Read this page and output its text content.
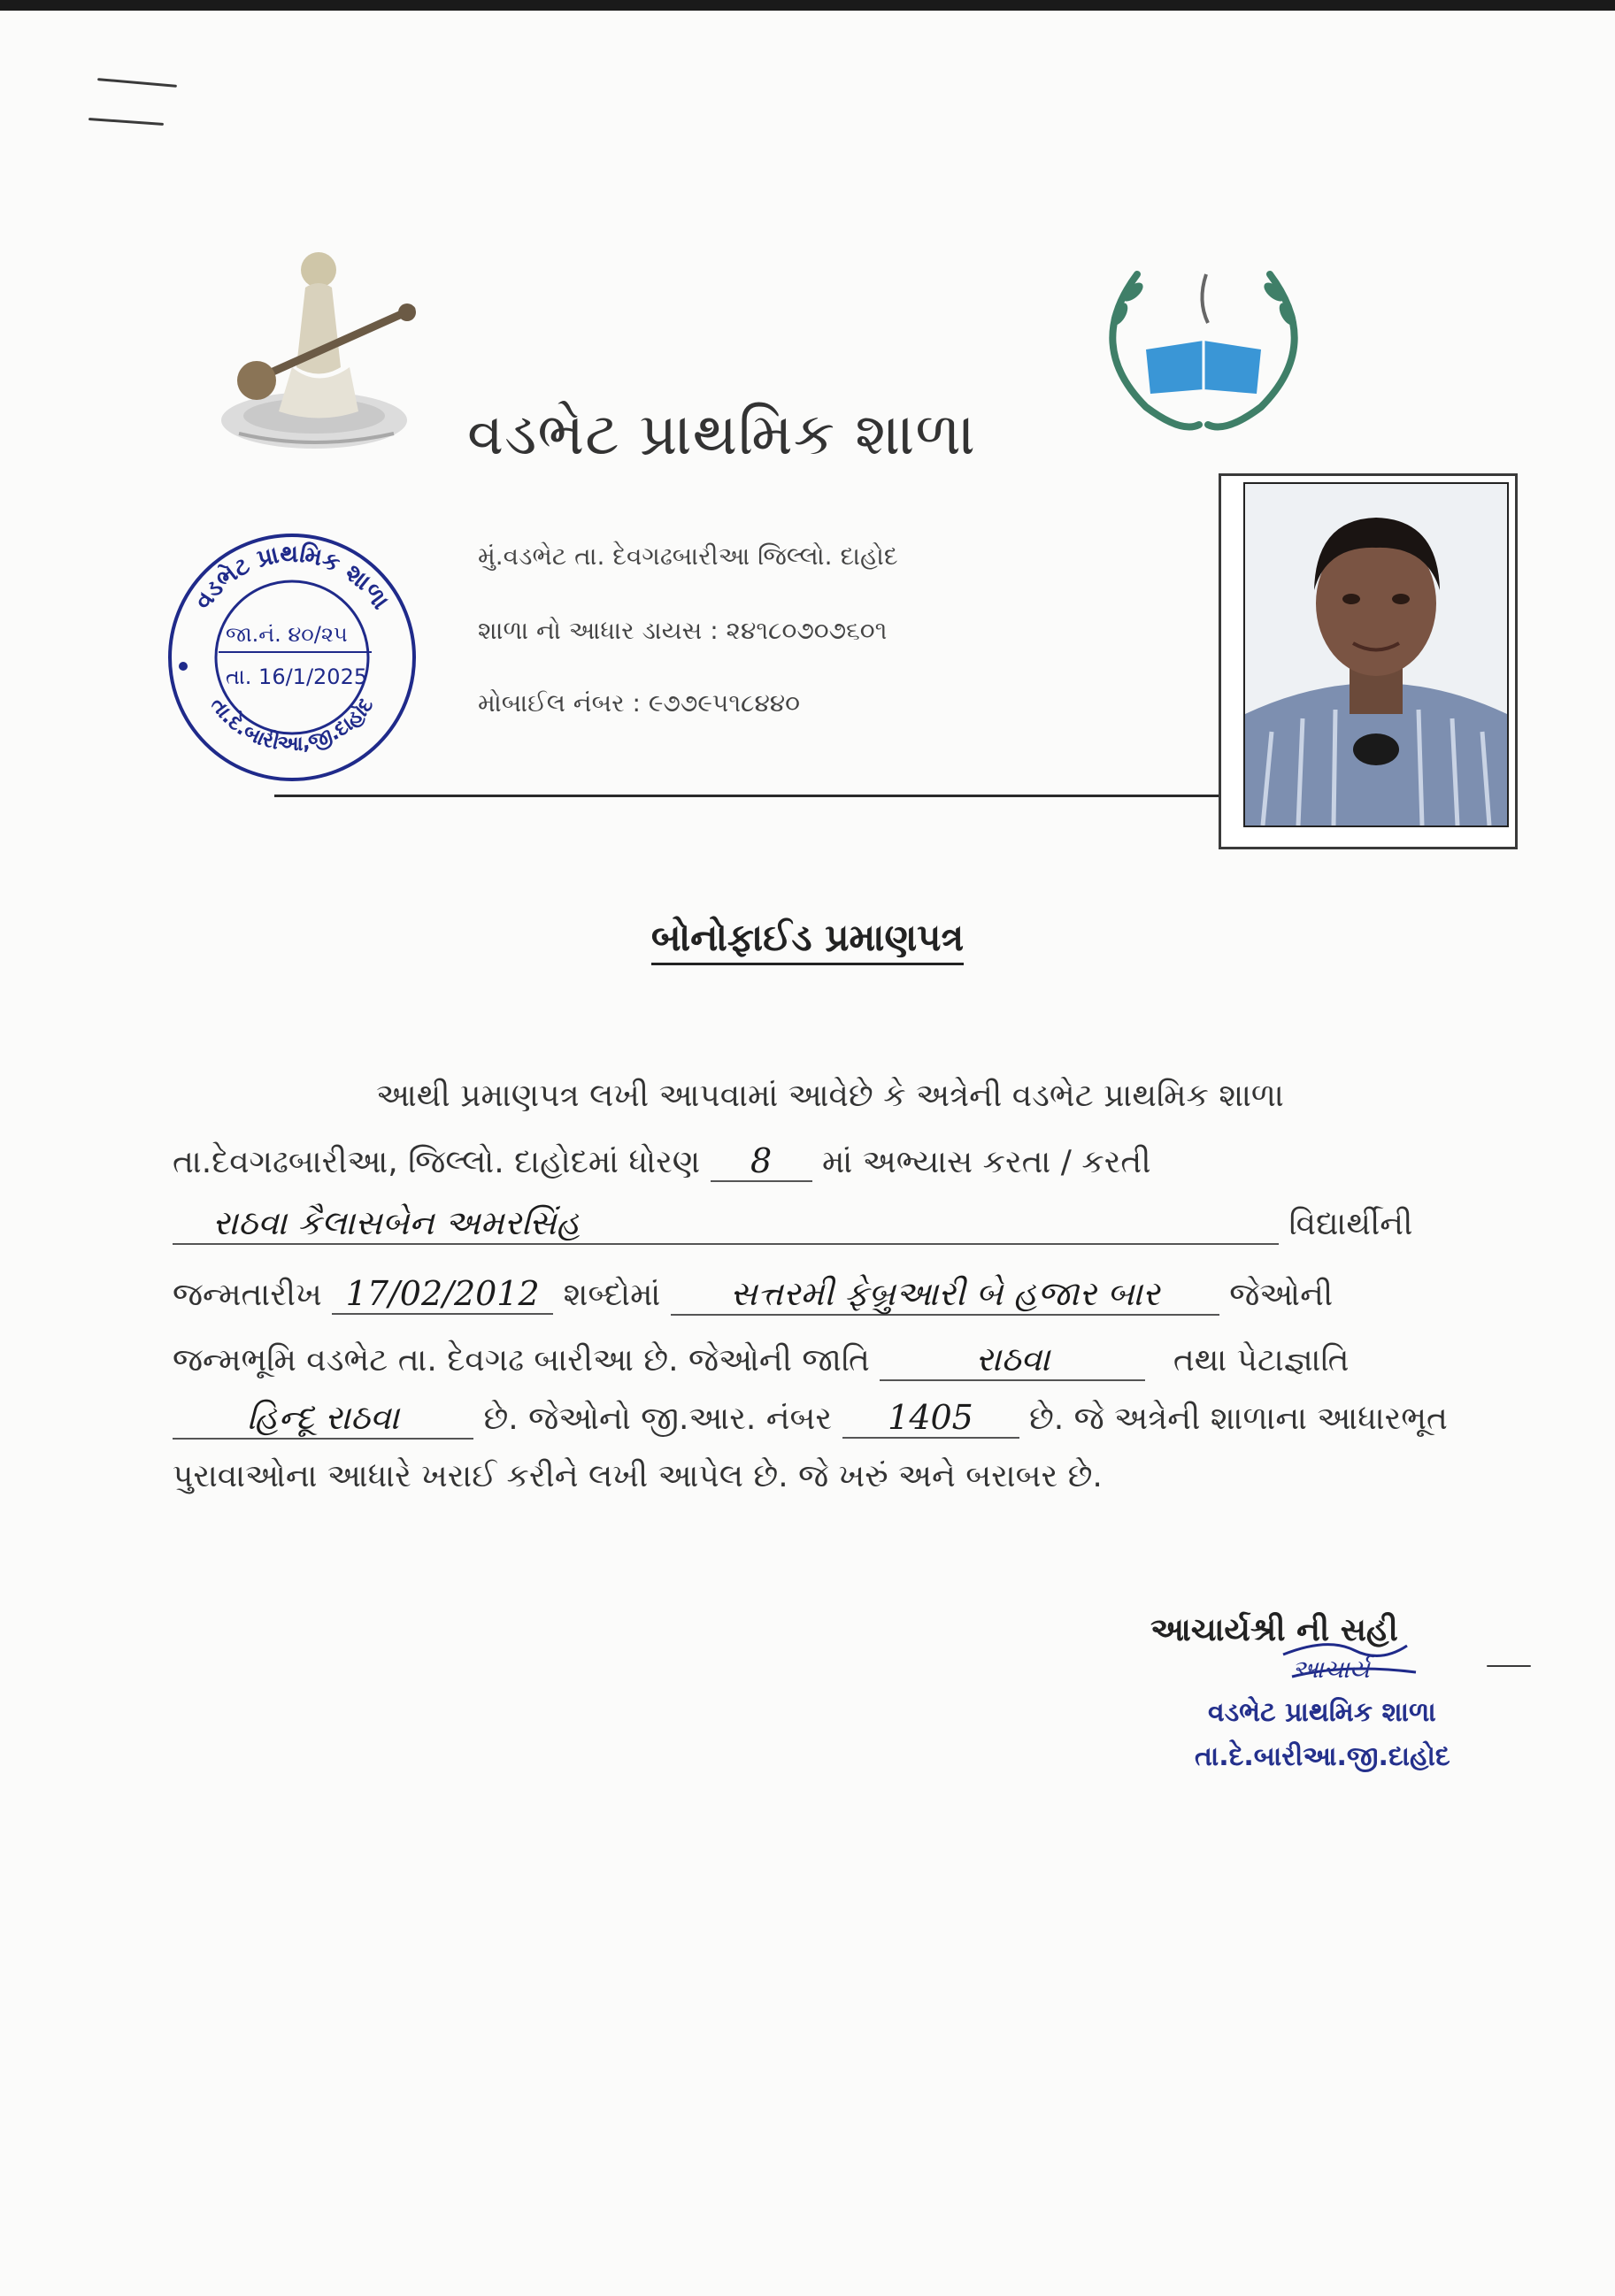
વડભેટ પ્રાથમિક શાળા
મું.વડભેટ તા. દેવગઢબારીઆ જિલ્લો. દાહોદ
શાળા નો આધાર ડાયસ : ૨૪૧૮૦૭૦૭૬૦૧
મોબાઈલ નંબર : ૯૭૭૯૫૧૮૪૪૦
વડભેટ પ્રાથમિક શાળા
તા.દે.બારીઆ,જી.દાહોદ
જા.નં. ૪૦/૨૫
તા. 16/1/2025
બોનોફાઈડ પ્રમાણપત્ર
આથી પ્રમાણપત્ર લખી આપવામાં આવેછે કે અત્રેની વડભેટ પ્રાથમિક શાળા
તા.દેવગઢબારીઆ, જિલ્લો. દાહોદમાં ધોરણ 8 માં અભ્યાસ કરતા / કરતી
રાઠવા કૈલાસબેન અમરસિંહ	વિદ્યાર્થીની
જન્મતારીખ 17/02/2012 શબ્દોમાં સત્તરમી ફેબ્રુઆરી બે હજાર બાર જેઓની
જન્મભૂમિ વડભેટ તા. દેવગઢ બારીઆ છે. જેઓની જાતિ	રાઠવા	તથા પેટાજ્ઞાતિ
હિન્દૂ રાઠવા	છે. જેઓનો જી.આર. નંબર 1405 છે. જે અત્રેની શાળાના આધારભૂત
પુરાવાઓના આધારે ખરાઈ કરીને લખી આપેલ છે. જે ખરું અને બરાબર છે.
આચાર્યશ્રી ની સહી
આચાર્ય
વડભેટ પ્રાથમિક શાળા
તા.દે.બારીઆ.જી.દાહોદ
